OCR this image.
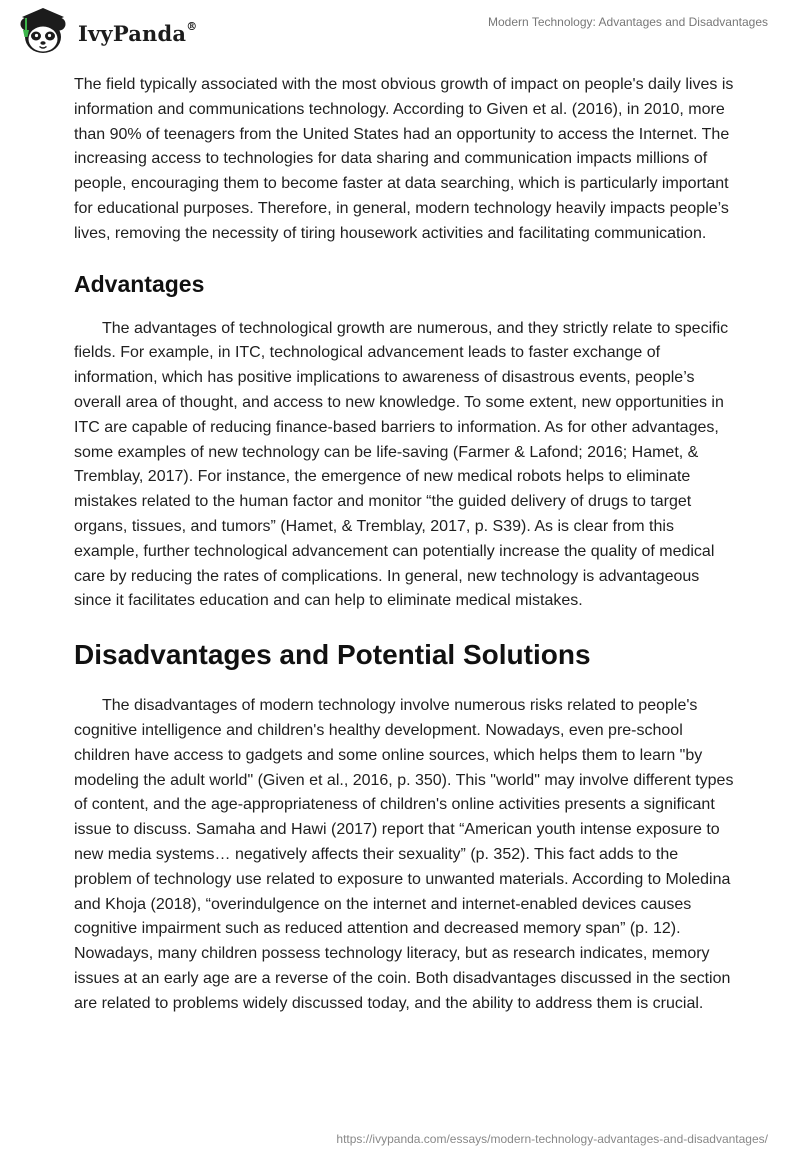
IvyPanda®	Modern Technology: Advantages and Disadvantages

The field typically associated with the most obvious growth of impact on people's daily lives is information and communications technology. According to Given et al. (2016), in 2010, more than 90% of teenagers from the United States had an opportunity to access the Internet. The increasing access to technologies for data sharing and communication impacts millions of people, encouraging them to become faster at data searching, which is particularly important for educational purposes. Therefore, in general, modern technology heavily impacts people’s lives, removing the necessity of tiring housework activities and facilitating communication.

Advantages

The advantages of technological growth are numerous, and they strictly relate to specific fields. For example, in ITC, technological advancement leads to faster exchange of information, which has positive implications to awareness of disastrous events, people’s overall area of thought, and access to new knowledge. To some extent, new opportunities in ITC are capable of reducing finance-based barriers to information. As for other advantages, some examples of new technology can be life-saving (Farmer & Lafond; 2016; Hamet, & Tremblay, 2017). For instance, the emergence of new medical robots helps to eliminate mistakes related to the human factor and monitor “the guided delivery of drugs to target organs, tissues, and tumors” (Hamet, & Tremblay, 2017, p. S39). As is clear from this example, further technological advancement can potentially increase the quality of medical care by reducing the rates of complications. In general, new technology is advantageous since it facilitates education and can help to eliminate medical mistakes.

Disadvantages and Potential Solutions

The disadvantages of modern technology involve numerous risks related to people's cognitive intelligence and children's healthy development. Nowadays, even pre-school children have access to gadgets and some online sources, which helps them to learn "by modeling the adult world" (Given et al., 2016, p. 350). This "world" may involve different types of content, and the age-appropriateness of children's online activities presents a significant issue to discuss. Samaha and Hawi (2017) report that “American youth intense exposure to new media systems… negatively affects their sexuality” (p. 352). This fact adds to the problem of technology use related to exposure to unwanted materials. According to Moledina and Khoja (2018), “overindulgence on the internet and internet-enabled devices causes cognitive impairment such as reduced attention and decreased memory span” (p. 12). Nowadays, many children possess technology literacy, but as research indicates, memory issues at an early age are a reverse of the coin. Both disadvantages discussed in the section are related to problems widely discussed today, and the ability to address them is crucial.

https://ivypanda.com/essays/modern-technology-advantages-and-disadvantages/
